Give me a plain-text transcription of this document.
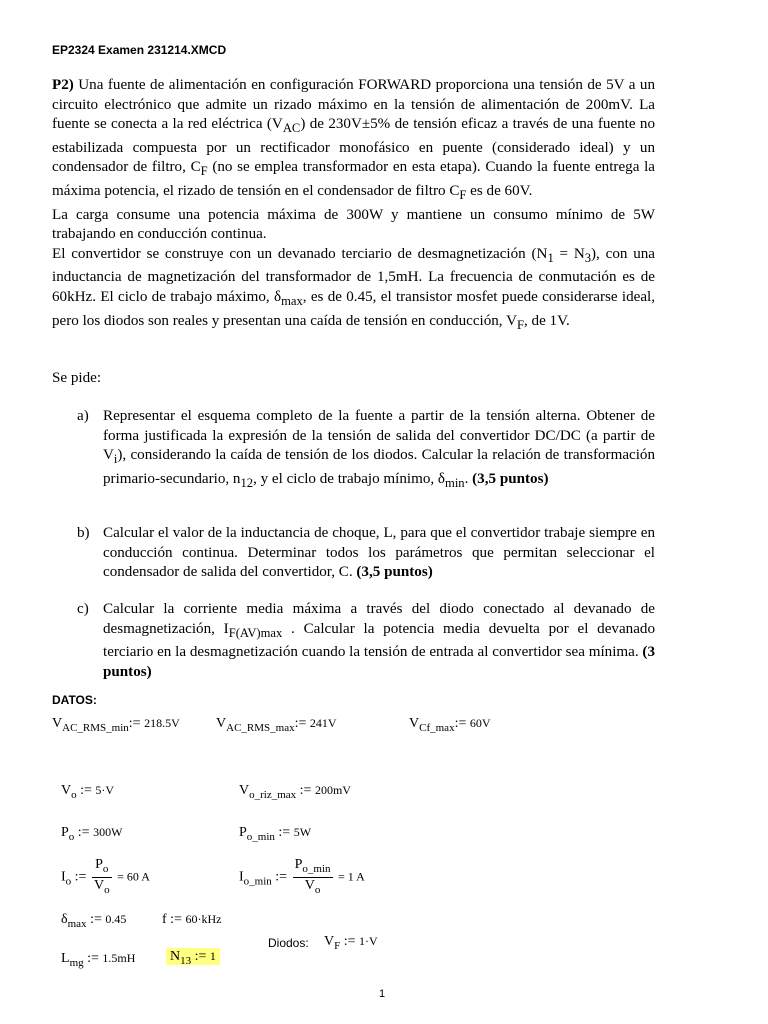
EP2324 Examen 231214.XMCD

P2) Una fuente de alimentación en configuración FORWARD proporciona una tensión de 5V a un circuito electrónico que admite un rizado máximo en la tensión de alimentación de 200mV. La fuente se conecta a la red eléctrica $(V_{AC})$ de 230V±5% de tensión eficaz a través de una fuente no estabilizada compuesta por un rectificador monofásico en puente (considerado ideal) y un condensador de filtro, $C_F$ (no se emplea transformador en esta etapa). Cuando la fuente entrega la máxima potencia, el rizado de tensión en el condensador de filtro $C_F$ es de 60V.

La carga consume una potencia máxima de 300W y mantiene un consumo mínimo de 5W trabajando en conducción continua.

El convertidor se construye con un devanado terciario de desmagnetización $(N_1 = N_3)$, con una inductancia de magnetización del transformador de 1,5mH. La frecuencia de conmutación es de 60kHz. El ciclo de trabajo máximo, $\delta_{max}$, es de 0.45, el transistor mosfet puede considerarse ideal, pero los diodos son reales y presentan una caída de tensión en conducción, $V_F$, de 1V.

Se pide:
a) Representar el esquema completo de la fuente a partir de la tensión alterna. Obtener de forma justificada la expresión de la tensión de salida del convertidor DC/DC (a partir de $V_i$), considerando la caída de tensión de los diodos. Calcular la relación de transformación primario-secundario, $n_{12}$, y el ciclo de trabajo mínimo, $\delta_{min}$. (3,5 puntos)
b) Calcular el valor de la inductancia de choque, L, para que el convertidor trabaje siempre en conducción continua. Determinar todos los parámetros que permitan seleccionar el condensador de salida del convertidor, C. (3,5 puntos)
c) Calcular la corriente media máxima a través del diodo conectado al devanado de desmagnetización, $I_{F(AV)max}$ . Calcular la potencia media devuelta por el devanado terciario en la desmagnetización cuando la tensión de entrada al convertidor sea mínima. (3 puntos)
DATOS:
$V_{AC\_RMS\_min}:= 218.5V$	$V_{AC\_RMS\_max}:= 241V$	$V_{Cf\_max}:= 60V$
$V_o$ := 5·V	$V_{o\_riz\_max}$ := 200mV
$P_o$ := 300W	$P_{o\_min}$ := 5W
$I_o$ := $\frac{P_o}{V_o} = 60$ A	$I_{o\_min}$ := $\frac{P_{o\_min}}{V_o} = 1$ A
$\delta_{max}$ := 0.45	f := 60·kHz
Diodos: $V_F$ := 1·V
$L_{mg}$ := 1.5mH $N_{13}$ := 1
1
